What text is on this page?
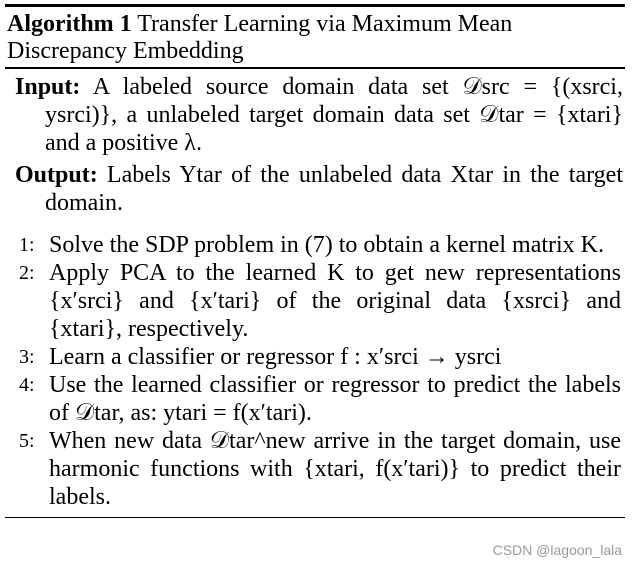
Algorithm 1 Transfer Learning via Maximum Mean Discrepancy Embedding
Input: A labeled source domain data set 𝒟src = {(xsrci, ysrci)}, a unlabeled target domain data set 𝒟tar = {xtari} and a positive λ.
Output: Labels Ytar of the unlabeled data Xtar in the target domain.
1: Solve the SDP problem in (7) to obtain a kernel matrix K.
2: Apply PCA to the learned K to get new representations {x′srci} and {x′tari} of the original data {xsrci} and {xtari}, respectively.
3: Learn a classifier or regressor f : x′srci → ysrci
4: Use the learned classifier or regressor to predict the labels of 𝒟tar, as: ytari = f(x′tari).
5: When new data 𝒟tar^new arrive in the target domain, use harmonic functions with {xtari, f(x′tari)} to predict their labels.
CSDN @lagoon_lala
